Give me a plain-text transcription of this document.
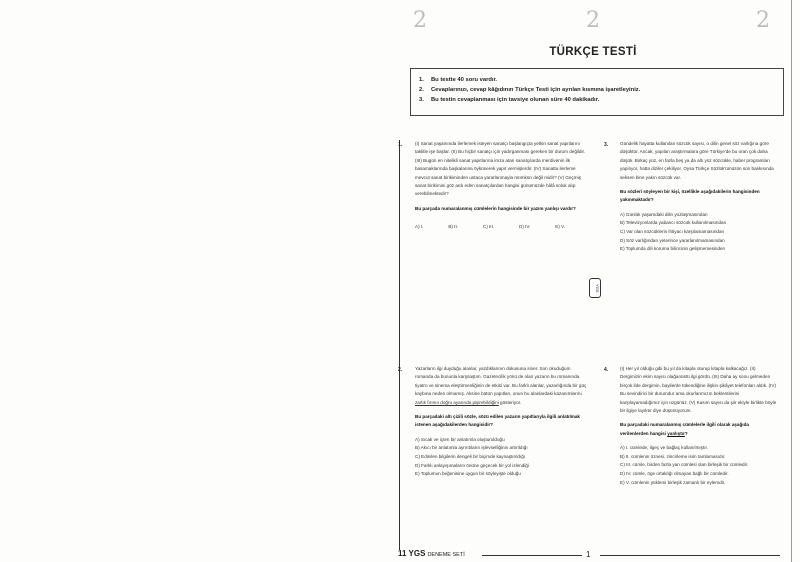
2	2	2
TÜRKÇE TESTİ
1. Bu testte 40 soru vardır.
2. Cevaplarınızı, cevap kâğıdının Türkçe Testi için ayrılan kısmına işaretleyiniz.
3. Bu testin cevaplanması için tavsiye olunan süre 40 dakikadır.
1.	(I) Sanat yaşamında ilerlemek isteyen sanatçı başlangıçta yetkin sanat yapıtlarını taklitle işe başlar. (II) Bu hiçbir sanatçı için yadırganması gereken bir durum değildir. (III) Bugün en nitelikli sanat yapıtlarına imza atan sanatçılarda merdivenin ilk basamaklarında başkalarına öykünerek yapıt vermişlerdir. (IV) Sanatta ilerleme mevcut sanat birikiminden ustaca yararlanmayla mümkün değil midir? (V) Geçmiş sanat birikimini göz ardı eden sanatçılardan hangisi günümüzde hâlâ soluk alıp verebilmektedir?
Bu parçada numaralanmış cümlelerin hangisinde bir yazım yanlışı vardır?
A) I.	B) II.	C) III.	D) IV.	E) V.
YGS
3.	Gündelik hayatta kullanılan sözcük sayısı, o dilin genel söz varlığına göre düşüktür. Ancak, yapılan araştırmalara göre Türkiye'de bu oran çok daha düşük. Birkaç yüz, en fazla beş ya da altı yüz sözcükle, haber programları yapılıyor, hatta diziler çekiliyor. Oysa Türkçe Sözlük'ümüzün son baskısında seksen bine yakın sözcük var.
Bu sözleri söyleyen bir kişi, özellikle aşağıdakilerin hangisinden yakınmaktadır?
A) Günlük yaşamdaki dilin yozlaşmasından
B) Televizyonlarda yabancı sözcük kullanılmasından
C) Var olan sözcüklerin ihtiyacı karşılamamasından
D) Söz varlığından yeterince yararlanılmamasından
E) Toplumda dili koruma bilincinin gelişmemesinden
2.	Yazarların ilgi duyduğu alanlar, yazdıklarının dokusuna siner. Son okuduğum romanda da bununla karşılaştım. Gazetecilik yönü de olan yazarın bu romanında tiyatro ve sinema eleştirmenliğinin de etkisi var. Bu farklı alanlar, yazarlığında bir güç kaybına neden olmamış. Aksine bütün yapıtları, onun bu alanlardaki kazanımlarını zarlık fırının doğru ayarında pişirebildiğini gösteriyor.
Bu parçadaki altı çizili sözle, sözü edilen yazarın yapıtlarıyla ilgili anlatılmak istenen aşağıdakilerden hangisidir?
A) Sıcak ve içten bir anlatımla oluşturulduğu
B) Akıcı bir anlatımla ayrıntıların işlevselliğinin artırıldığı
C) Edinilen bilgilerin dengeli bir biçimde kaynaştırıldığı
D) Farklı anlayışımaların önüne geçecek bir yol izlendiği
E) Toplumun beğenisine uygun bir söyleyişte olduğu
4.	(I) Her yıl olduğu gibi bu yıl da kitapla oturup kitapla kalkacağız. (II) Dergimizin ekim sayısı olağanüstü ilgi gördü. (III) Daha ay sonu gelmeden birçok ilde dergimin, bayilerde tükendiğine ilişkin şikâyet telefonları aldık. (IV) Bu sevindirici bir durumdur ama okurlarımızın beklentilerini karşılayamadığımız için üzgünüz. (V) Kasım sayısı da şiir ekiyle birlikte böyle bir ilgiye layıktır diye düşünüyorum.
Bu parçadaki numaralanmış cümlelerle ilgili olarak aşağıda verilenlerden hangisi yanlıştır?
A) I. cümlede, ilgeç ve bağlaç kullanılmıştır.
B) II. cümlenin öznesi, zincirleme isim tamlamasıdır.
C) III. cümle, birden fazla yan cümlesi olan birleşik bir cümledir.
D) IV. cümle, öge ortaklığı olmayan bağlı bir cümledir.
E) V. cümlenin yüklemi birleşik zamanlı bir eylemdir.
11 YGS DENEME SETİ	1
